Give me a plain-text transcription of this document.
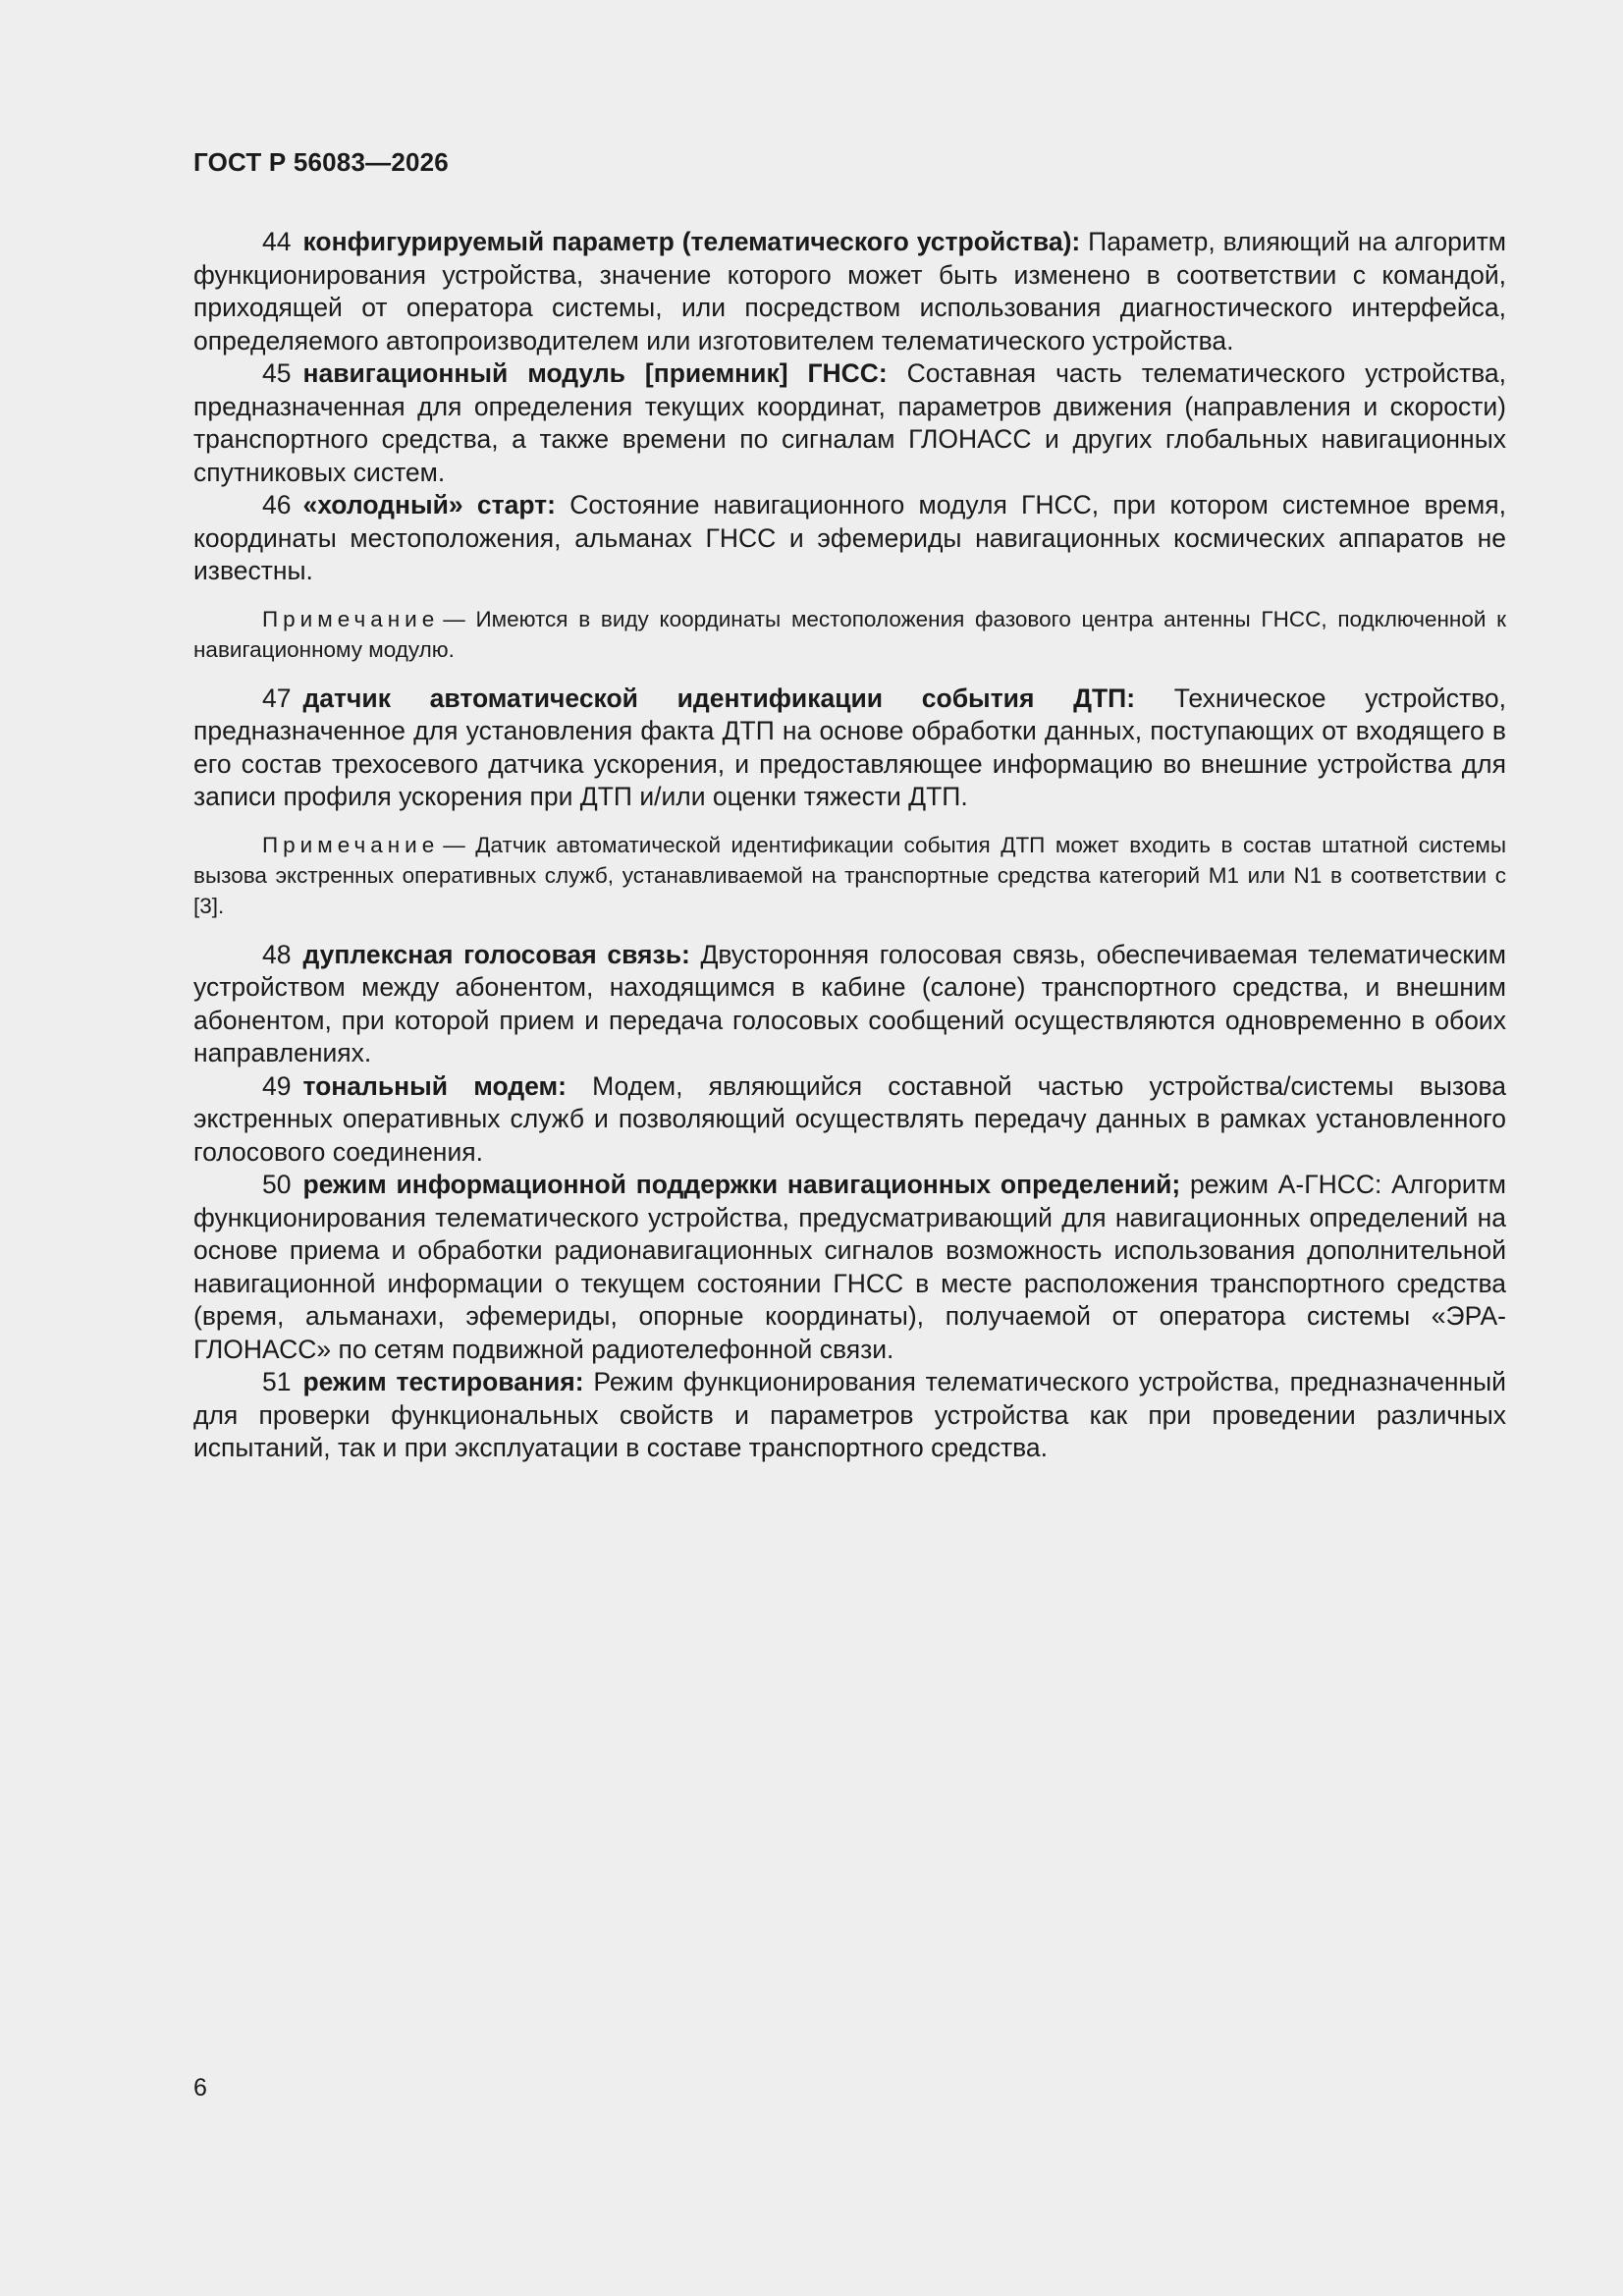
ГОСТ Р 56083—2026

44 конфигурируемый параметр (телематического устройства): Параметр, влияющий на алгоритм функционирования устройства, значение которого может быть изменено в соответствии с командой, приходящей от оператора системы, или посредством использования диагностического интерфейса, определяемого автопроизводителем или изготовителем телематического устройства.

45 навигационный модуль [приемник] ГНСС: Составная часть телематического устройства, предназначенная для определения текущих координат, параметров движения (направления и скорости) транспортного средства, а также времени по сигналам ГЛОНАСС и других глобальных навигационных спутниковых систем.

46 «холодный» старт: Состояние навигационного модуля ГНСС, при котором системное время, координаты местоположения, альманах ГНСС и эфемериды навигационных космических аппаратов не известны.

Примечание — Имеются в виду координаты местоположения фазового центра антенны ГНСС, подключенной к навигационному модулю.

47 датчик автоматической идентификации события ДТП: Техническое устройство, предназначенное для установления факта ДТП на основе обработки данных, поступающих от входящего в его состав трехосевого датчика ускорения, и предоставляющее информацию во внешние устройства для записи профиля ускорения при ДТП и/или оценки тяжести ДТП.

Примечание — Датчик автоматической идентификации события ДТП может входить в состав штатной системы вызова экстренных оперативных служб, устанавливаемой на транспортные средства категорий М1 или N1 в соответствии с [3].

48 дуплексная голосовая связь: Двусторонняя голосовая связь, обеспечиваемая телематическим устройством между абонентом, находящимся в кабине (салоне) транспортного средства, и внешним абонентом, при которой прием и передача голосовых сообщений осуществляются одновременно в обоих направлениях.

49 тональный модем: Модем, являющийся составной частью устройства/системы вызова экстренных оперативных служб и позволяющий осуществлять передачу данных в рамках установленного голосового соединения.

50 режим информационной поддержки навигационных определений; режим А-ГНСС: Алгоритм функционирования телематического устройства, предусматривающий для навигационных определений на основе приема и обработки радионавигационных сигналов возможность использования дополнительной навигационной информации о текущем состоянии ГНСС в месте расположения транспортного средства (время, альманахи, эфемериды, опорные координаты), получаемой от оператора системы «ЭРА-ГЛОНАСС» по сетям подвижной радиотелефонной связи.

51 режим тестирования: Режим функционирования телематического устройства, предназначенный для проверки функциональных свойств и параметров устройства как при проведении различных испытаний, так и при эксплуатации в составе транспортного средства.

6
